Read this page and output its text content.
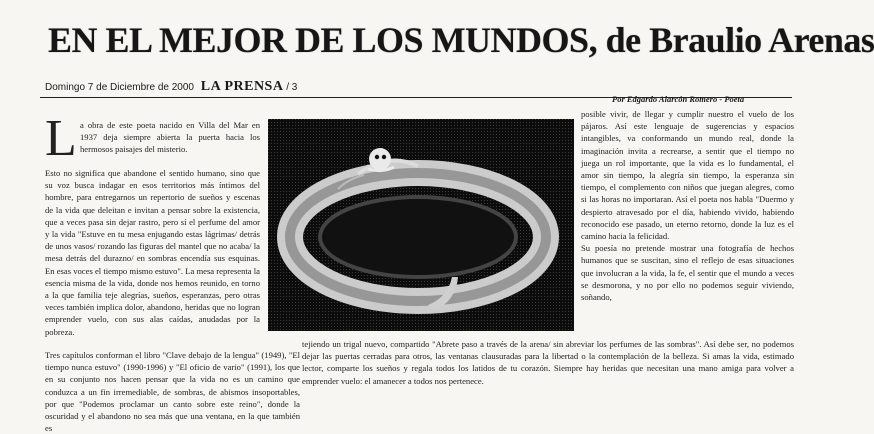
EN EL MEJOR DE LOS MUNDOS, de Braulio Arenas
Domingo 7 de Diciembre de 2000 LA PRENSA / 3
Por Edgardo Alarcón Romero - Poeta
L a obra de este poeta nacido en Villa del Mar en 1937 deja siempre abierta la puerta hacia los hermosos paisajes del misterio.
Esto no significa que abandone el sentido humano, sino que su voz busca indagar en esos territorios más íntimos del hombre, para entregarnos un repertorio de sueños y escenas de la vida que deleitan e invitan a pensar sobre la existencia, que a veces pasa sin dejar rastro, pero sí el perfume del amor y la vida "Estuve en tu mesa enjugando estas lágrimas/ detrás de unos vasos/ rozando las figuras del mantel que no acaba/ la mesa detrás del durazno/ en sombras encendía sus esquinas. En esas voces el tiempo mismo estuvo". La mesa representa la esencia misma de la vida, donde nos hemos reunido, en torno a la que familia teje alegrías, sueños, esperanzas, pero otras veces también implica dolor, abandono, heridas que no logran emprender vuelo, con sus alas caídas, anudadas por la pobreza.
posible vivir, de llegar y cumplir nuestro el vuelo de los pájaros. Así este lenguaje de sugerencias y espacios intangibles, va conformando un mundo real, donde la imaginación invita a recrearse, a sentir que el tiempo no juega un rol importante, que la vida es lo fundamental, el amor sin tiempo, la alegría sin tiempo, la esperanza sin tiempo, el complemento con niños que juegan alegres, como si las horas no importaran. Así el poeta nos habla "Duermo y despierto atravesado por el día, habiendo vivido, habiendo reconocido ese pasado, un eterno retorno, donde la luz es el camino hacia la felicidad.
Su poesía no pretende mostrar una fotografía de hechos humanos que se suscitan, sino el reflejo de esas situaciones que involucran a la vida, la fe, el sentir que el mundo a veces se desmorona, y no por ello no podemos seguir viviendo, soñando,
Tres capítulos conforman el libro "Clave debajo de la lengua" (1949), "El tiempo nunca estuvo" (1990-1996) y "El oficio de vario" (1991), los que en su conjunto nos hacen pensar que la vida no es un camino que conduzca a un fin irremediable, de sombras, de abismos insoportables, por que "Podemos proclamar un canto sobre este reino", donde la oscuridad y el abandono no sea más que una ventana, en la que también es
tejiendo un trigal nuevo, compartido "Abrete paso a través de la arena/ sin abreviar los perfumes de las sombras". Así debe ser, no podemos dejar las puertas cerradas para otros, las ventanas clausuradas para la libertad o la contemplación de la belleza. Si amas la vida, estimado lector, comparte los sueños y regala todos los latidos de tu corazón. Siempre hay heridas que necesitan una mano amiga para volver a emprender vuelo: el amanecer a todos nos pertenece.
